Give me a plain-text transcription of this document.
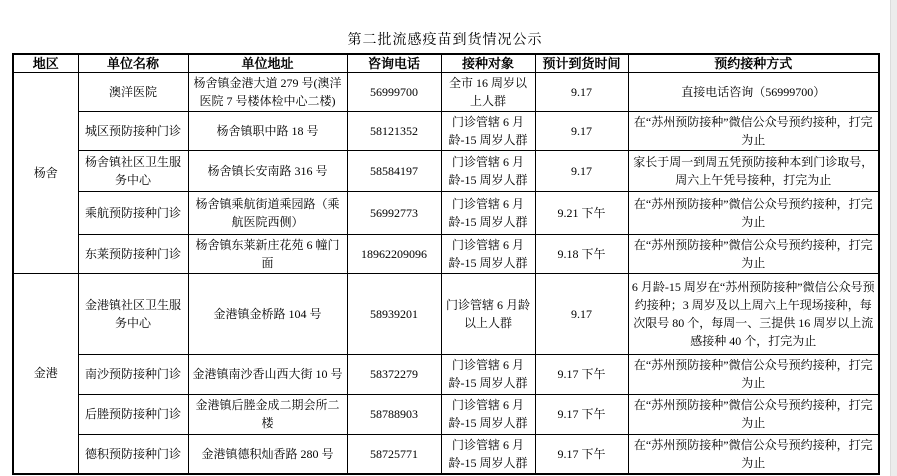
第二批流感疫苗到货情况公示
地区	单位名称	单位地址	咨询电话	接种对象	预计到货时间	预约接种方式
杨舍	澳洋医院	杨舍镇金港大道 279 号(澳洋医院 7 号楼体检中心二楼)	56999700	全市 16 周岁以上人群	9.17	直接电话咨询（56999700）
	城区预防接种门诊	杨舍镇职中路 18 号	58121352	门诊管辖 6 月龄-15 周岁人群	9.17	在“苏州预防接种”微信公众号预约接种，打完为止
	杨舍镇社区卫生服务中心	杨舍镇长安南路 316 号	58584197	门诊管辖 6 月龄-15 周岁人群	9.17	家长于周一到周五凭预防接种本到门诊取号，周六上午凭号接种，打完为止
	乘航预防接种门诊	杨舍镇乘航街道乘园路（乘航医院西侧）	56992773	门诊管辖 6 月龄-15 周岁人群	9.21 下午	在“苏州预防接种”微信公众号预约接种，打完为止
	东莱预防接种门诊	杨舍镇东莱新庄花苑 6 幢门面	18962209096	门诊管辖 6 月龄-15 周岁人群	9.18 下午	在“苏州预防接种”微信公众号预约接种，打完为止
金港	金港镇社区卫生服务中心	金港镇金桥路 104 号	58939201	门诊管辖 6 月龄以上人群	9.17	6 月龄-15 周岁在“苏州预防接种”微信公众号预约接种；3 周岁及以上周六上午现场接种，每次限号 80 个，每周一、三提供 16 周岁以上流感接种 40 个，打完为止
	南沙预防接种门诊	金港镇南沙香山西大街 10 号	58372279	门诊管辖 6 月龄-15 周岁人群	9.17 下午	在“苏州预防接种”微信公众号预约接种，打完为止
	后塍预防接种门诊	金港镇后塍金成二期会所二楼	58788903	门诊管辖 6 月龄-15 周岁人群	9.17 下午	在“苏州预防接种”微信公众号预约接种，打完为止
	德积预防接种门诊	金港镇德积灿香路 280 号	58725771	门诊管辖 6 月龄-15 周岁人群	9.17 下午	在“苏州预防接种”微信公众号预约接种，打完为止
